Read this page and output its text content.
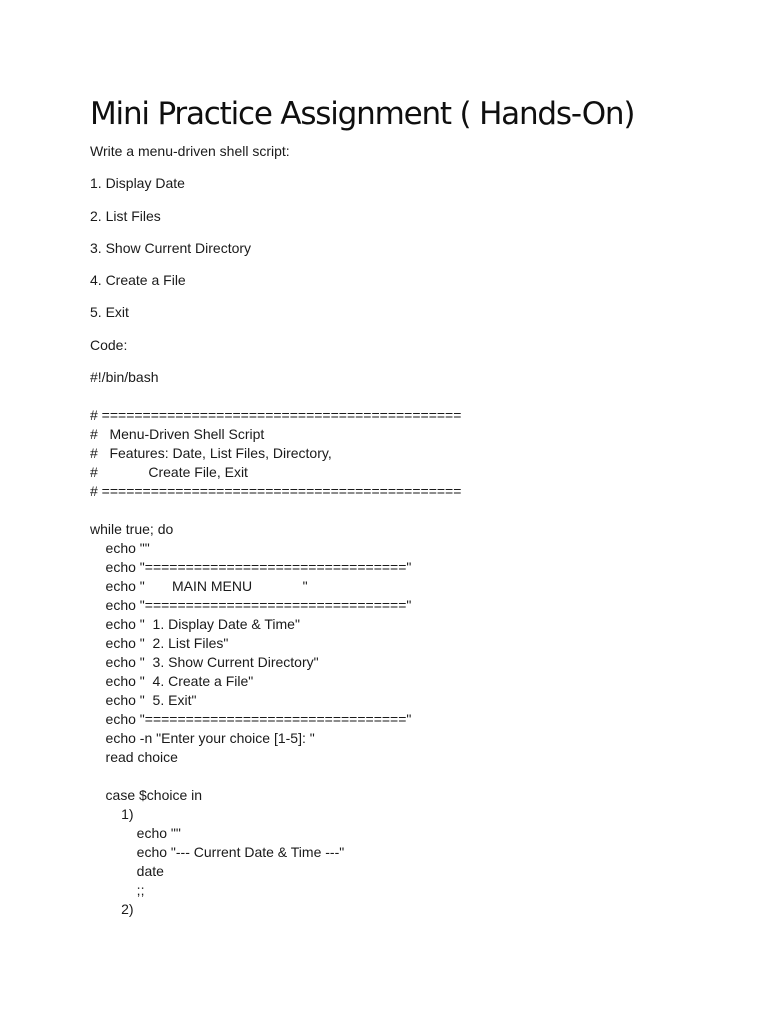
Mini Practice Assignment ( Hands-On)

Write a menu-driven shell script:

1. Display Date

2. List Files

3. Show Current Directory

4. Create a File

5. Exit

Code:

#!/bin/bash

# ============================================
#   Menu-Driven Shell Script
#   Features: Date, List Files, Directory,
#             Create File, Exit
# ============================================
while true; do
echo ""
echo "================================"
echo "       MAIN MENU             "
echo "================================"
echo "  1. Display Date & Time"
echo "  2. List Files"
echo "  3. Show Current Directory"
echo "  4. Create a File"
echo "  5. Exit"
echo "================================"
echo -n "Enter your choice [1-5]: "
read choice
case $choice in
1)
echo ""
echo "--- Current Date & Time ---"
date
;;
2)
